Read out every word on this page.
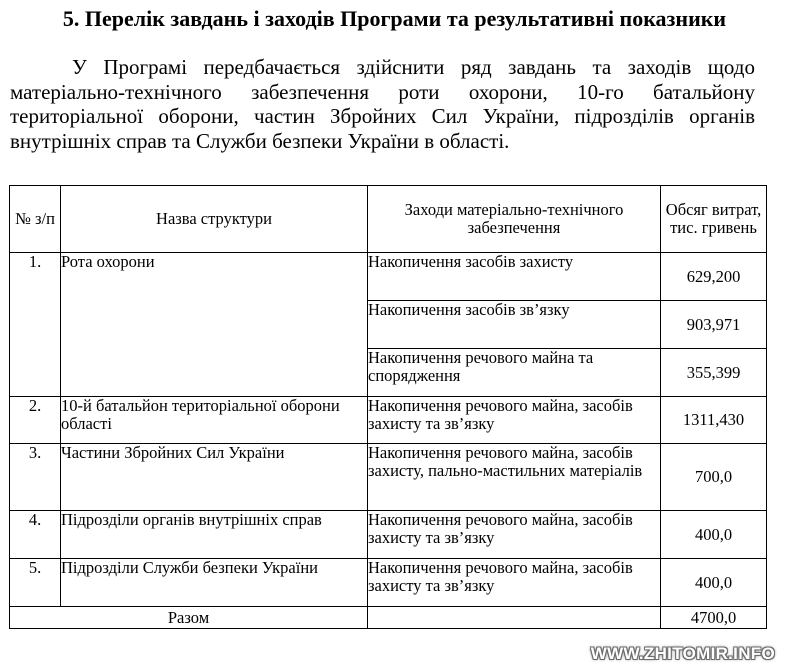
5. Перелік завдань і заходів Програми та результативні показники

У Програмі передбачається здійснити ряд завдань та заходів щодо матеріально-технічного забезпечення роти охорони, 10-го батальйону територіальної оборони, частин Збройних Сил України, підрозділів органів внутрішніх справ та Служби безпеки України в області.

№ з/п	Назва структури	Заходи матеріально-технічного забезпечення	Обсяг витрат, тис. гривень
1.	Рота охорони	Накопичення засобів захисту	629,200
		Накопичення засобів зв’язку	903,971
		Накопичення речового майна та спорядження	355,399
2.	10-й батальйон територіальної оборони області	Накопичення речового майна, засобів захисту та зв’язку	1311,430
3.	Частини Збройних Сил України	Накопичення речового майна, засобів захисту, пально-мастильних матеріалів	700,0
4.	Підрозділи органів внутрішніх справ	Накопичення речового майна, засобів захисту та зв’язку	400,0
5.	Підрозділи Служби безпеки України	Накопичення речового майна, засобів захисту та зв’язку	400,0
Разом			4700,0
WWW.ZHITOMIR.INFO
